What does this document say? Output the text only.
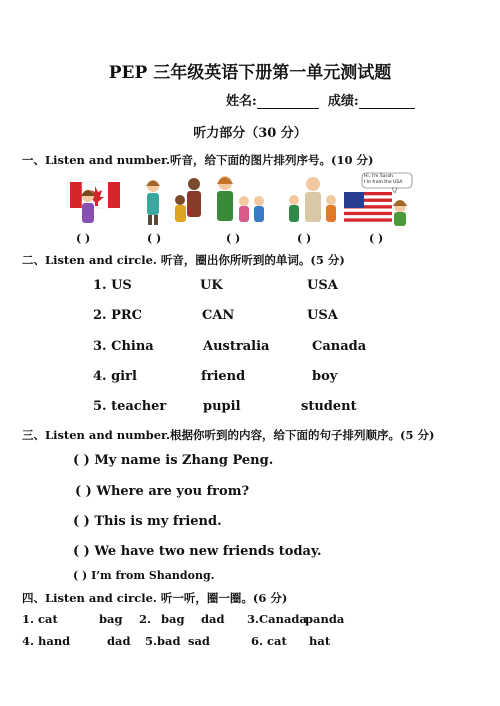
PEP 三年级英语下册第一单元测试题
姓名:	成绩:
听力部分（30 分）
一、Listen and number.听音，给下面的图片排列序号。(10 分)
Hi, I'm Sarah.
I'm from the USA
( )	( )	( )	( )	( )
二、Listen and circle. 听音，圈出你所听到的单词。(5 分)
1. US	UK	USA
2. PRC	CAN	USA
3. China	Australia	Canada
4. girl	friend	boy
5. teacher	pupil	student
三、Listen and number.根据你听到的内容，给下面的句子排列顺序。(5 分)
( ) My name is Zhang Peng.
( ) Where are you from?
( ) This is my friend.
( ) We have two new friends today.
( ) I’m from Shandong.
四、Listen and circle. 听一听，圈一圈。(6 分)
1. cat	bag 2. bag dad 3.Canada
panda
4. hand	dad 5.bad sad	6. cat hat
